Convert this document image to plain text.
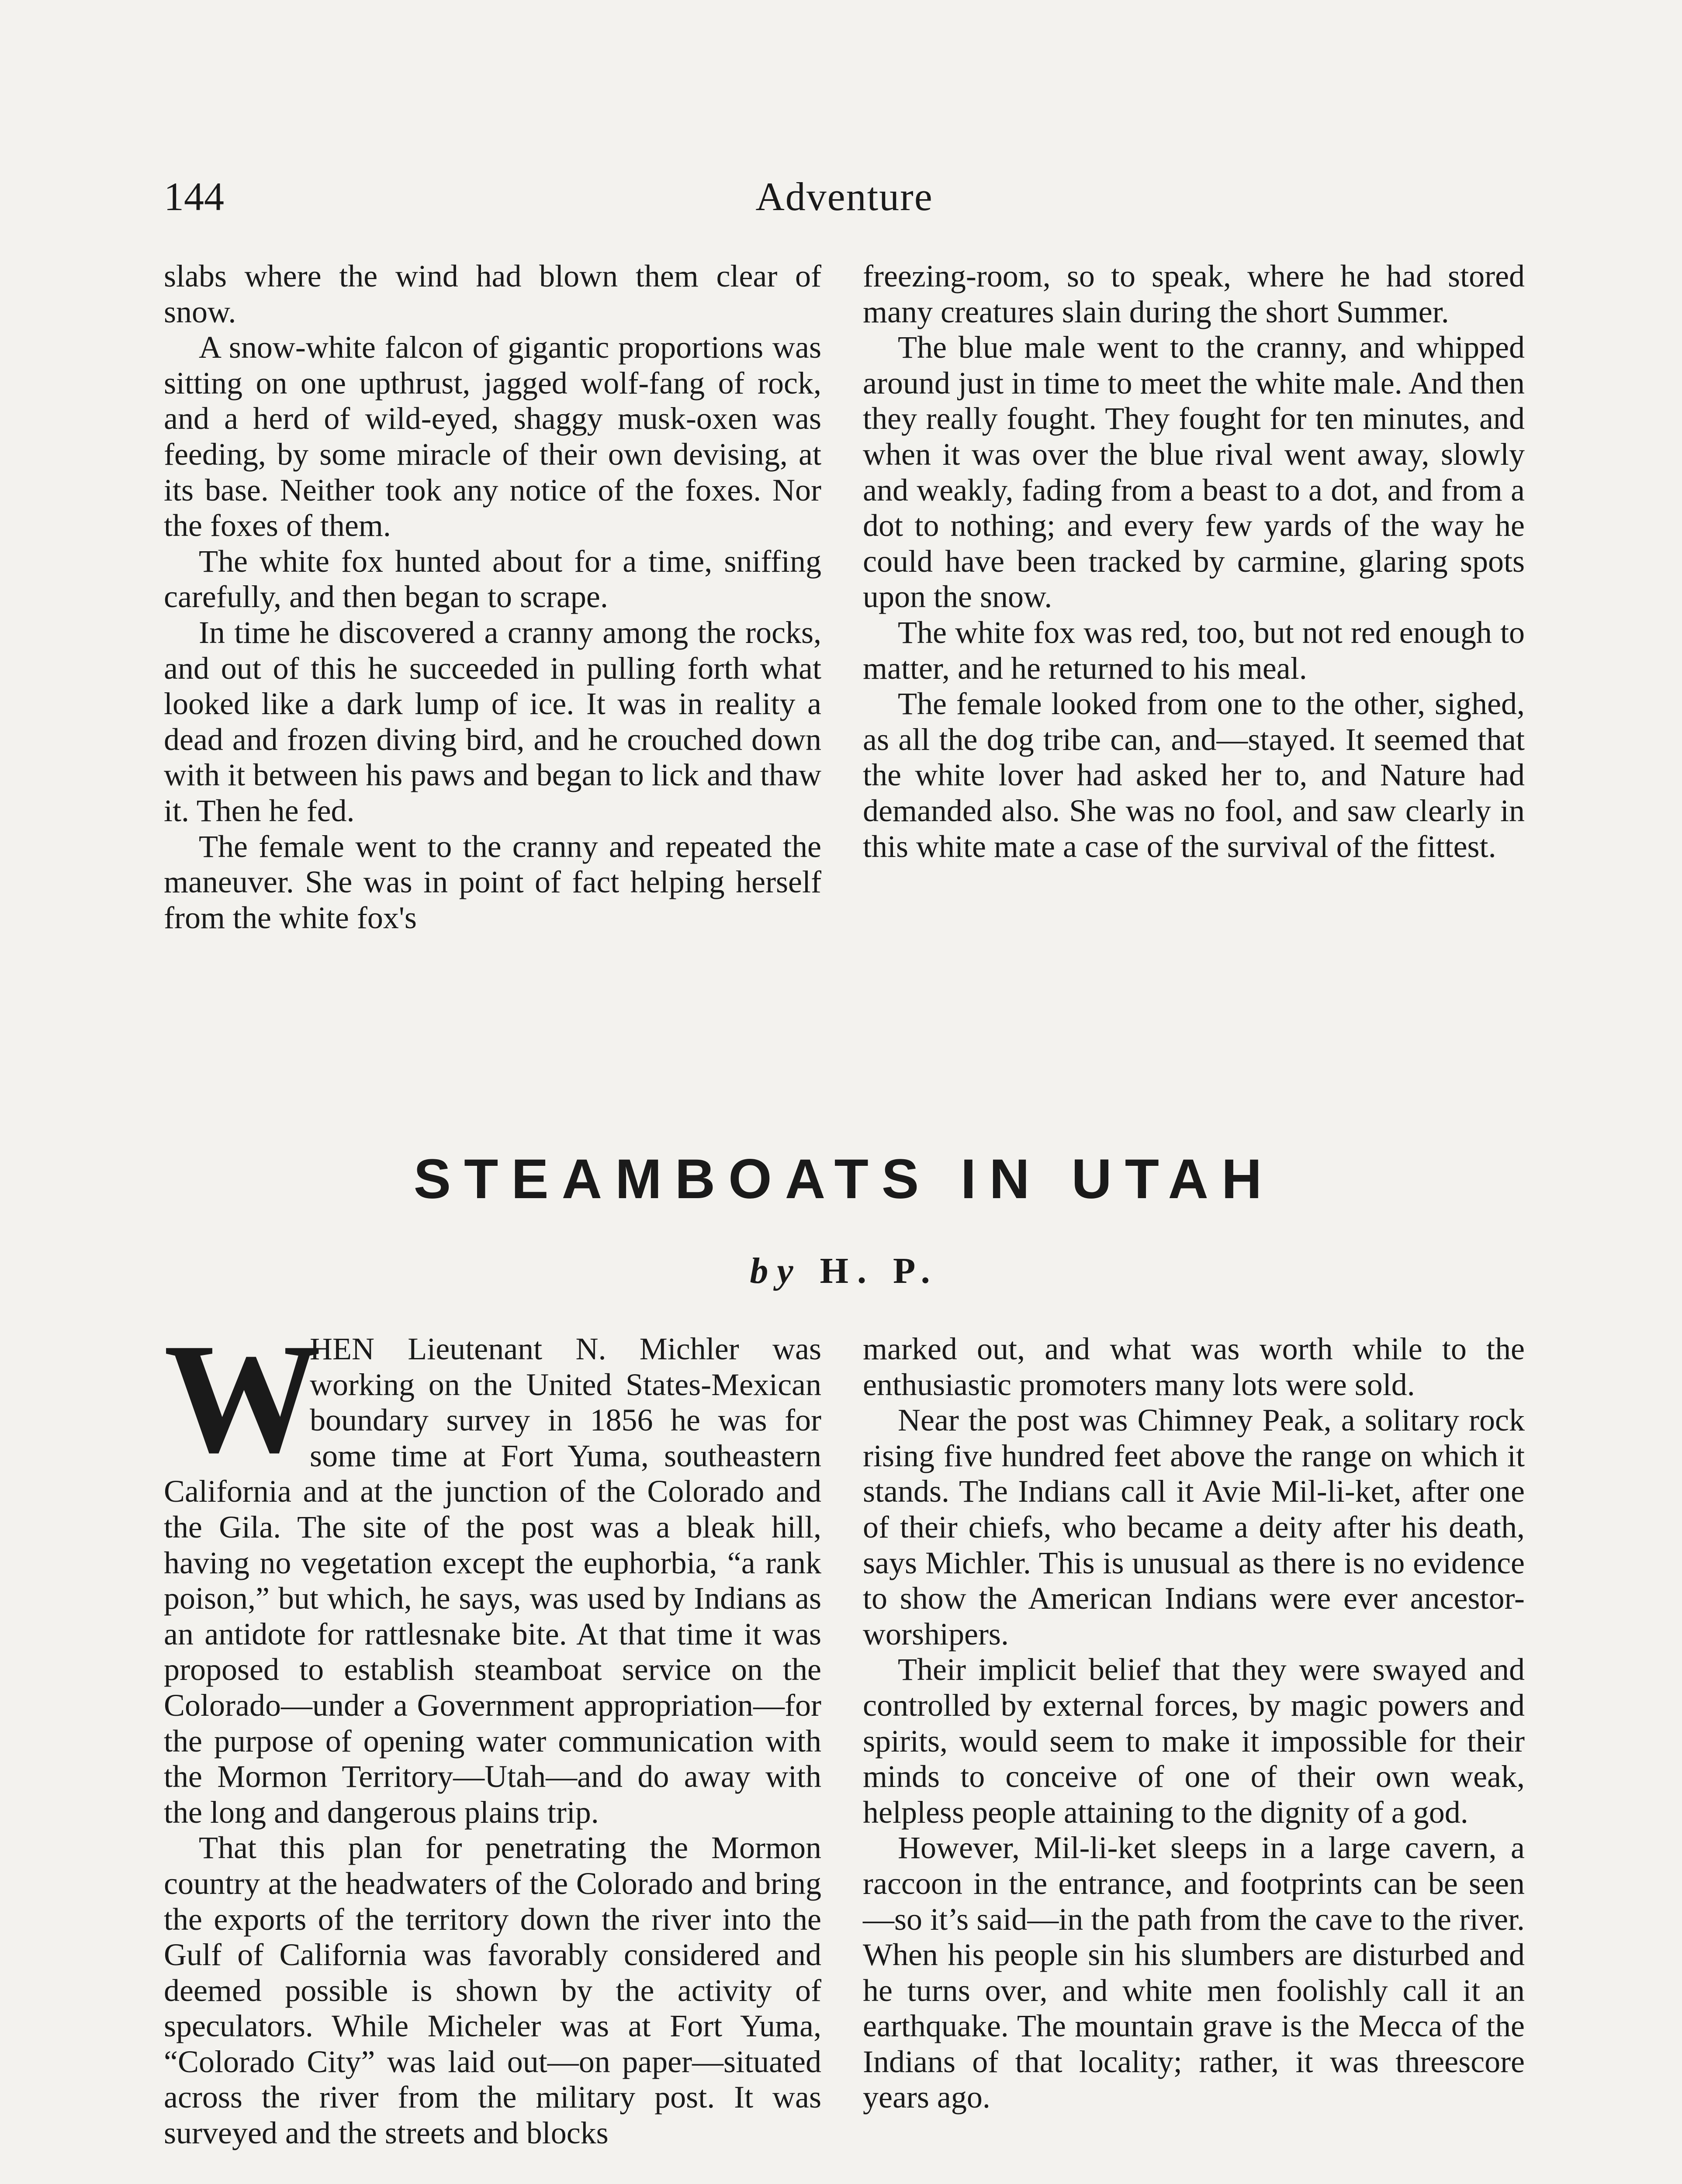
144	Adventure

slabs where the wind had blown them clear of snow.

A snow-white falcon of gigantic proportions was sitting on one upthrust, jagged wolf-fang of rock, and a herd of wild-eyed, shaggy musk-oxen was feeding, by some miracle of their own devising, at its base. Neither took any notice of the foxes. Nor the foxes of them.

The white fox hunted about for a time, sniffing carefully, and then began to scrape.

In time he discovered a cranny among the rocks, and out of this he succeeded in pulling forth what looked like a dark lump of ice. It was in reality a dead and frozen diving bird, and he crouched down with it between his paws and began to lick and thaw it. Then he fed.

The female went to the cranny and repeated the maneuver. She was in point of fact helping herself from the white fox's

freezing-room, so to speak, where he had stored many creatures slain during the short Summer.

The blue male went to the cranny, and whipped around just in time to meet the white male. And then they really fought. They fought for ten minutes, and when it was over the blue rival went away, slowly and weakly, fading from a beast to a dot, and from a dot to nothing; and every few yards of the way he could have been tracked by carmine, glaring spots upon the snow.

The white fox was red, too, but not red enough to matter, and he returned to his meal.

The female looked from one to the other, sighed, as all the dog tribe can, and—stayed. It seemed that the white lover had asked her to, and Nature had demanded also. She was no fool, and saw clearly in this white mate a case of the survival of the fittest.

STEAMBOATS IN UTAH
by H. P.

W
HEN Lieutenant N. Michler was working on the United States-Mexican boundary survey in 1856 he was for some time at Fort Yuma, southeastern California and at the junction of the Colorado and the Gila. The site of the post was a bleak hill, having no vegetation except the euphorbia, “a rank poison,” but which, he says, was used by Indians as an antidote for rattlesnake bite. At that time it was proposed to establish steamboat service on the Colorado—under a Government appropriation—for the purpose of opening water communication with the Mormon Territory—Utah—and do away with the long and dangerous plains trip.

That this plan for penetrating the Mormon country at the headwaters of the Colorado and bring the exports of the territory down the river into the Gulf of California was favorably considered and deemed possible is shown by the activity of speculators. While Micheler was at Fort Yuma, “Colorado City” was laid out—on paper—situated across the river from the military post. It was surveyed and the streets and blocks

marked out, and what was worth while to the enthusiastic promoters many lots were sold.

Near the post was Chimney Peak, a solitary rock rising five hundred feet above the range on which it stands. The Indians call it Avie Mil-li-ket, after one of their chiefs, who became a deity after his death, says Michler. This is unusual as there is no evidence to show the American Indians were ever ancestor-worshipers.

Their implicit belief that they were swayed and controlled by external forces, by magic powers and spirits, would seem to make it impossible for their minds to conceive of one of their own weak, helpless people attaining to the dignity of a god.

However, Mil-li-ket sleeps in a large cavern, a raccoon in the entrance, and footprints can be seen—so it’s said—in the path from the cave to the river. When his people sin his slumbers are disturbed and he turns over, and white men foolishly call it an earthquake. The mountain grave is the Mecca of the Indians of that locality; rather, it was threescore years ago.
